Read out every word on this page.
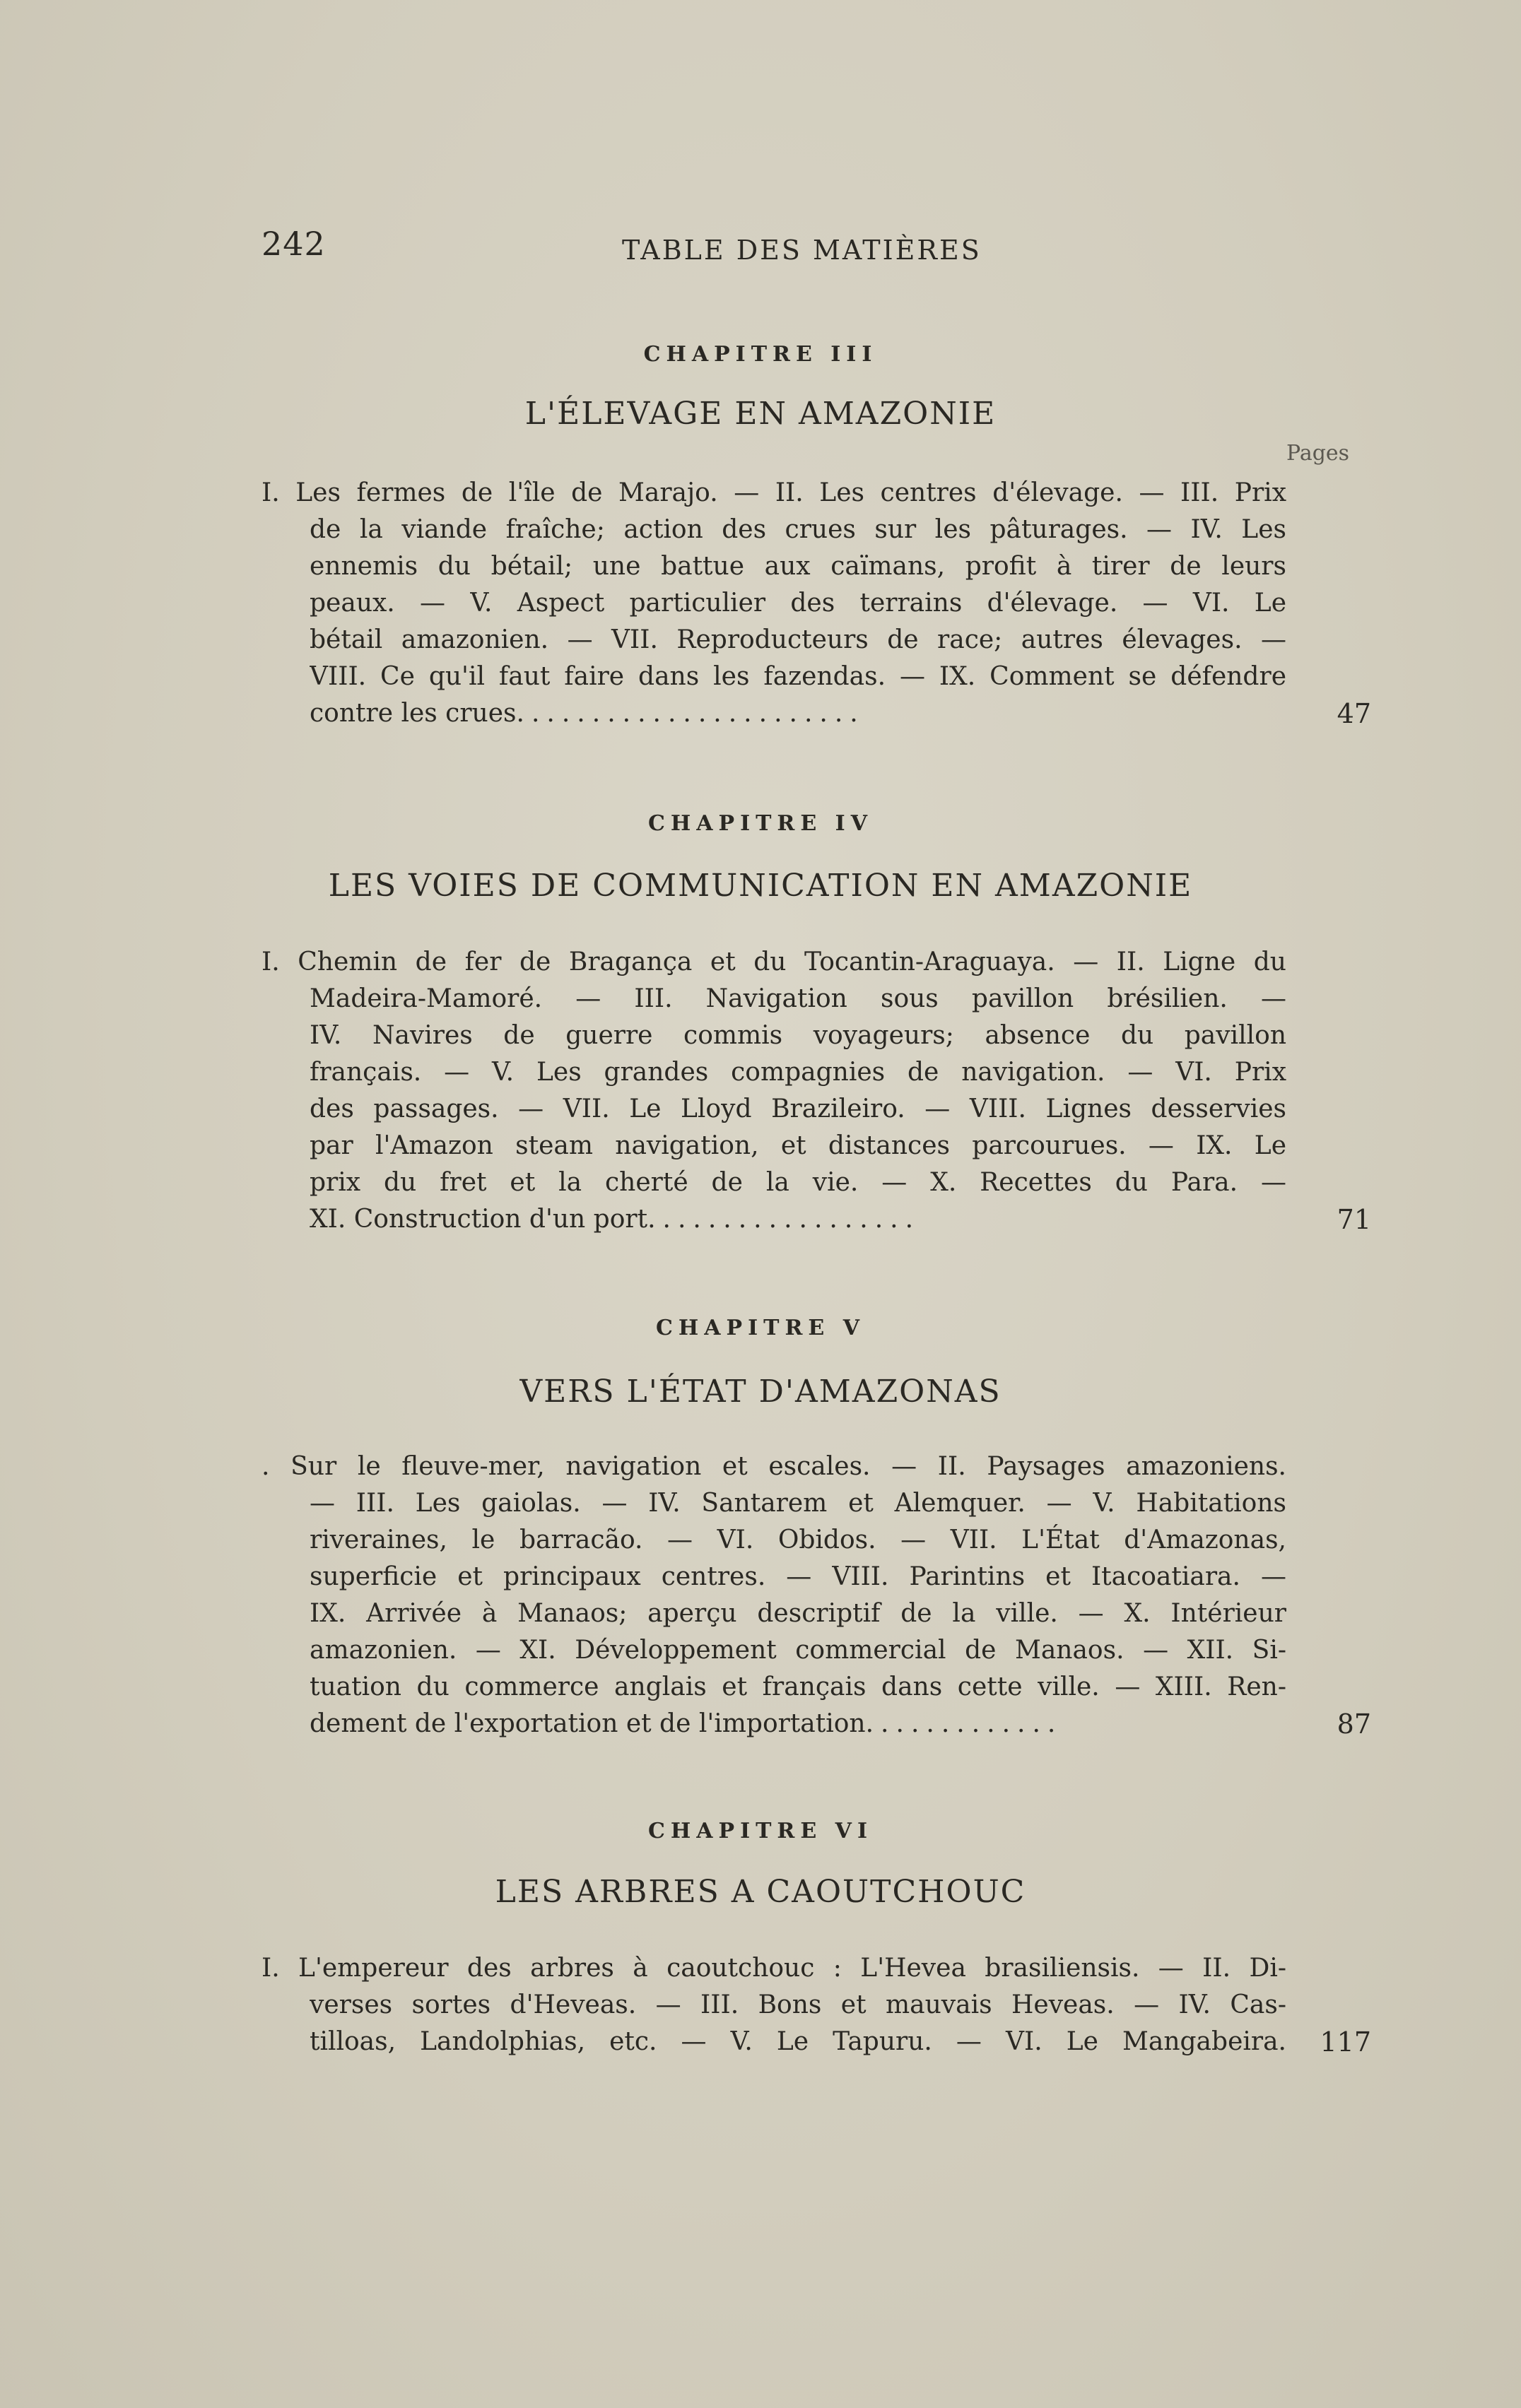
242	TABLE DES MATIÈRES
CHAPITRE III
L'ÉLEVAGE EN AMAZONIE
Pages
I. Les fermes de l'île de Marajo. — II. Les centres d'élevage. — III. Prix
de la viande fraîche; action des crues sur les pâturages. — IV. Les
ennemis du bétail; une battue aux caïmans, profit à tirer de leurs
peaux. — V. Aspect particulier des terrains d'élevage. — VI. Le
bétail amazonien. — VII. Reproducteurs de race; autres élevages. —
VIII. Ce qu'il faut faire dans les fazendas. — IX. Comment se défendre
contre les crues.......................	47
CHAPITRE IV
LES VOIES DE COMMUNICATION EN AMAZONIE
I. Chemin de fer de Bragança et du Tocantin-Araguaya. — II. Ligne du
Madeira-Mamoré. — III. Navigation sous pavillon brésilien. —
IV. Navires de guerre commis voyageurs; absence du pavillon
français. — V. Les grandes compagnies de navigation. — VI. Prix
des passages. — VII. Le Lloyd Brazileiro. — VIII. Lignes desservies
par l'Amazon steam navigation, et distances parcourues. — IX. Le
prix du fret et la cherté de la vie. — X. Recettes du Para. —
XI. Construction d'un port..................	71
CHAPITRE V
VERS L'ÉTAT D'AMAZONAS
. Sur le fleuve-mer, navigation et escales. — II. Paysages amazoniens.
— III. Les gaiolas. — IV. Santarem et Alemquer. — V. Habitations
riveraines, le barracão. — VI. Obidos. — VII. L'État d'Amazonas,
superficie et principaux centres. — VIII. Parintins et Itacoatiara. —
IX. Arrivée à Manaos; aperçu descriptif de la ville. — X. Intérieur
amazonien. — XI. Développement commercial de Manaos. — XII. Si-
tuation du commerce anglais et français dans cette ville. — XIII. Ren-
dement de l'exportation et de l'importation.............	87
CHAPITRE VI
LES ARBRES A CAOUTCHOUC
I. L'empereur des arbres à caoutchouc : L'Hevea brasiliensis. — II. Di-
verses sortes d'Heveas. — III. Bons et mauvais Heveas. — IV. Cas-
tilloas, Landolphias, etc. — V. Le Tapuru. — VI. Le Mangabeira. 117
